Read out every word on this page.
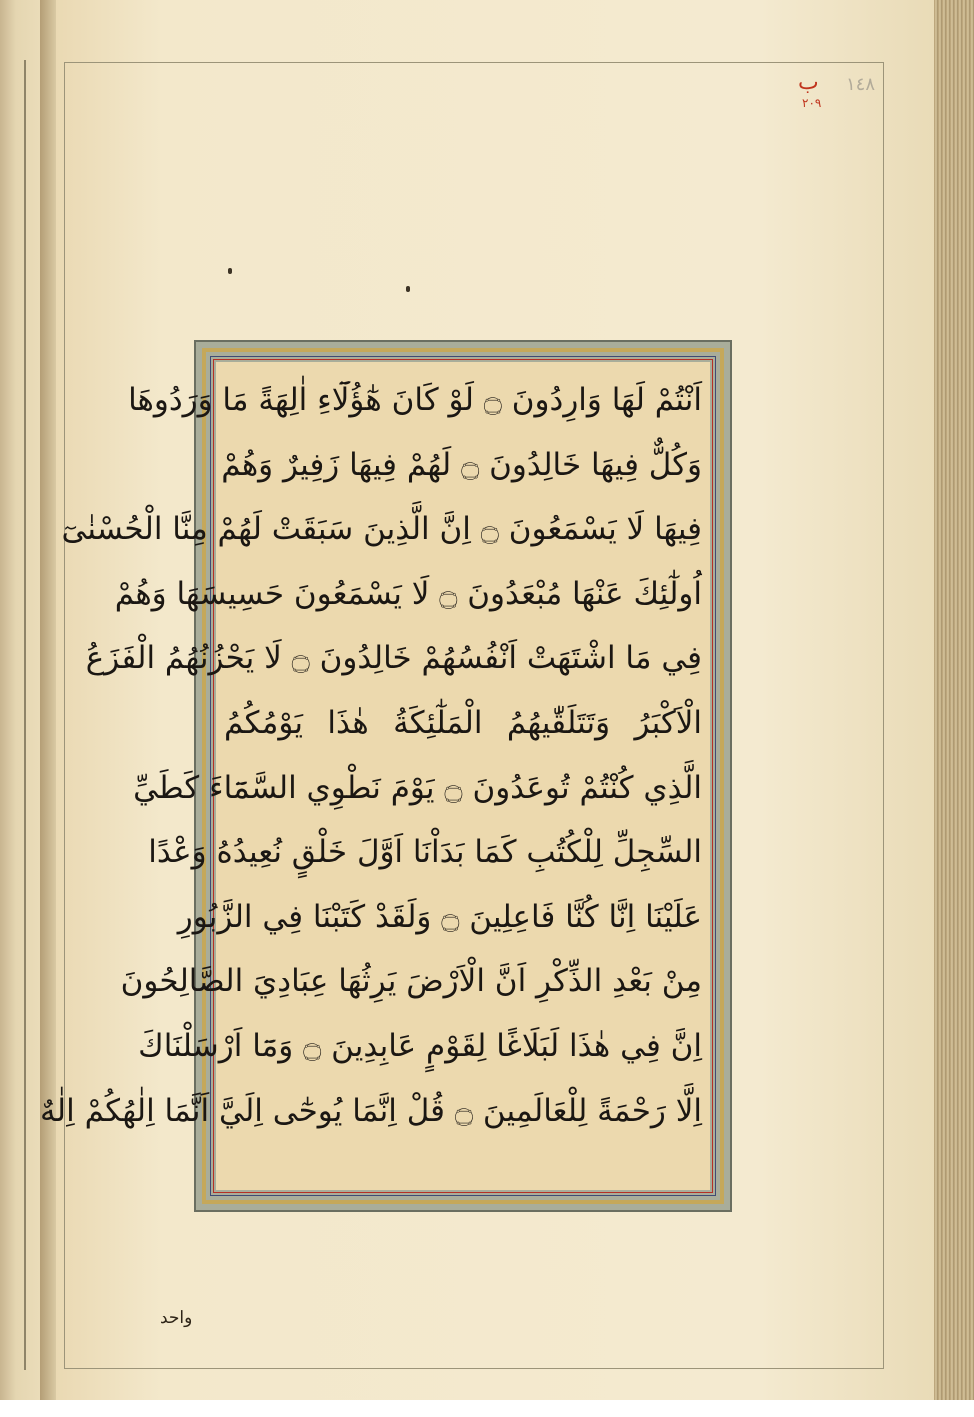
ب
٢٠٩
١٤٨
اَنْتُمْ لَهَا وَارِدُونَ ۝ لَوْ كَانَ هٰٓؤُلَٓاءِ اٰلِهَةً مَا وَرَدُوهَا
وَكُلٌّ فِيهَا خَالِدُونَ ۝ لَهُمْ فِيهَا زَفِيرٌ وَهُمْ
فِيهَا لَا يَسْمَعُونَ ۝ اِنَّ الَّذِينَ سَبَقَتْ لَهُمْ مِنَّا الْحُسْنٰىٓ
اُولٰٓئِكَ عَنْهَا مُبْعَدُونَ ۝ لَا يَسْمَعُونَ حَسِيسَهَا وَهُمْ
فِي مَا اشْتَهَتْ اَنْفُسُهُمْ خَالِدُونَ ۝ لَا يَحْزُنُهُمُ الْفَزَعُ
الْاَكْبَرُ وَتَتَلَقّٰيهُمُ الْمَلٰٓئِكَةُ هٰذَا يَوْمُكُمُ
الَّذِي كُنْتُمْ تُوعَدُونَ ۝ يَوْمَ نَطْوِي السَّمَٓاءَ كَطَيِّ
السِّجِلِّ لِلْكُتُبِ كَمَا بَدَاْنَا اَوَّلَ خَلْقٍ نُعِيدُهُ وَعْدًا
عَلَيْنَا اِنَّا كُنَّا فَاعِلِينَ ۝ وَلَقَدْ كَتَبْنَا فِي الزَّبُورِ
مِنْ بَعْدِ الذِّكْرِ اَنَّ الْاَرْضَ يَرِثُهَا عِبَادِيَ الصَّالِحُونَ
اِنَّ فِي هٰذَا لَبَلَاغًا لِقَوْمٍ عَابِدِينَ ۝ وَمَٓا اَرْسَلْنَاكَ
اِلَّا رَحْمَةً لِلْعَالَمِينَ ۝ قُلْ اِنَّمَا يُوحٰٓى اِلَيَّ اَنَّمَا اِلٰهُكُمْ اِلٰهٌ
واحد
